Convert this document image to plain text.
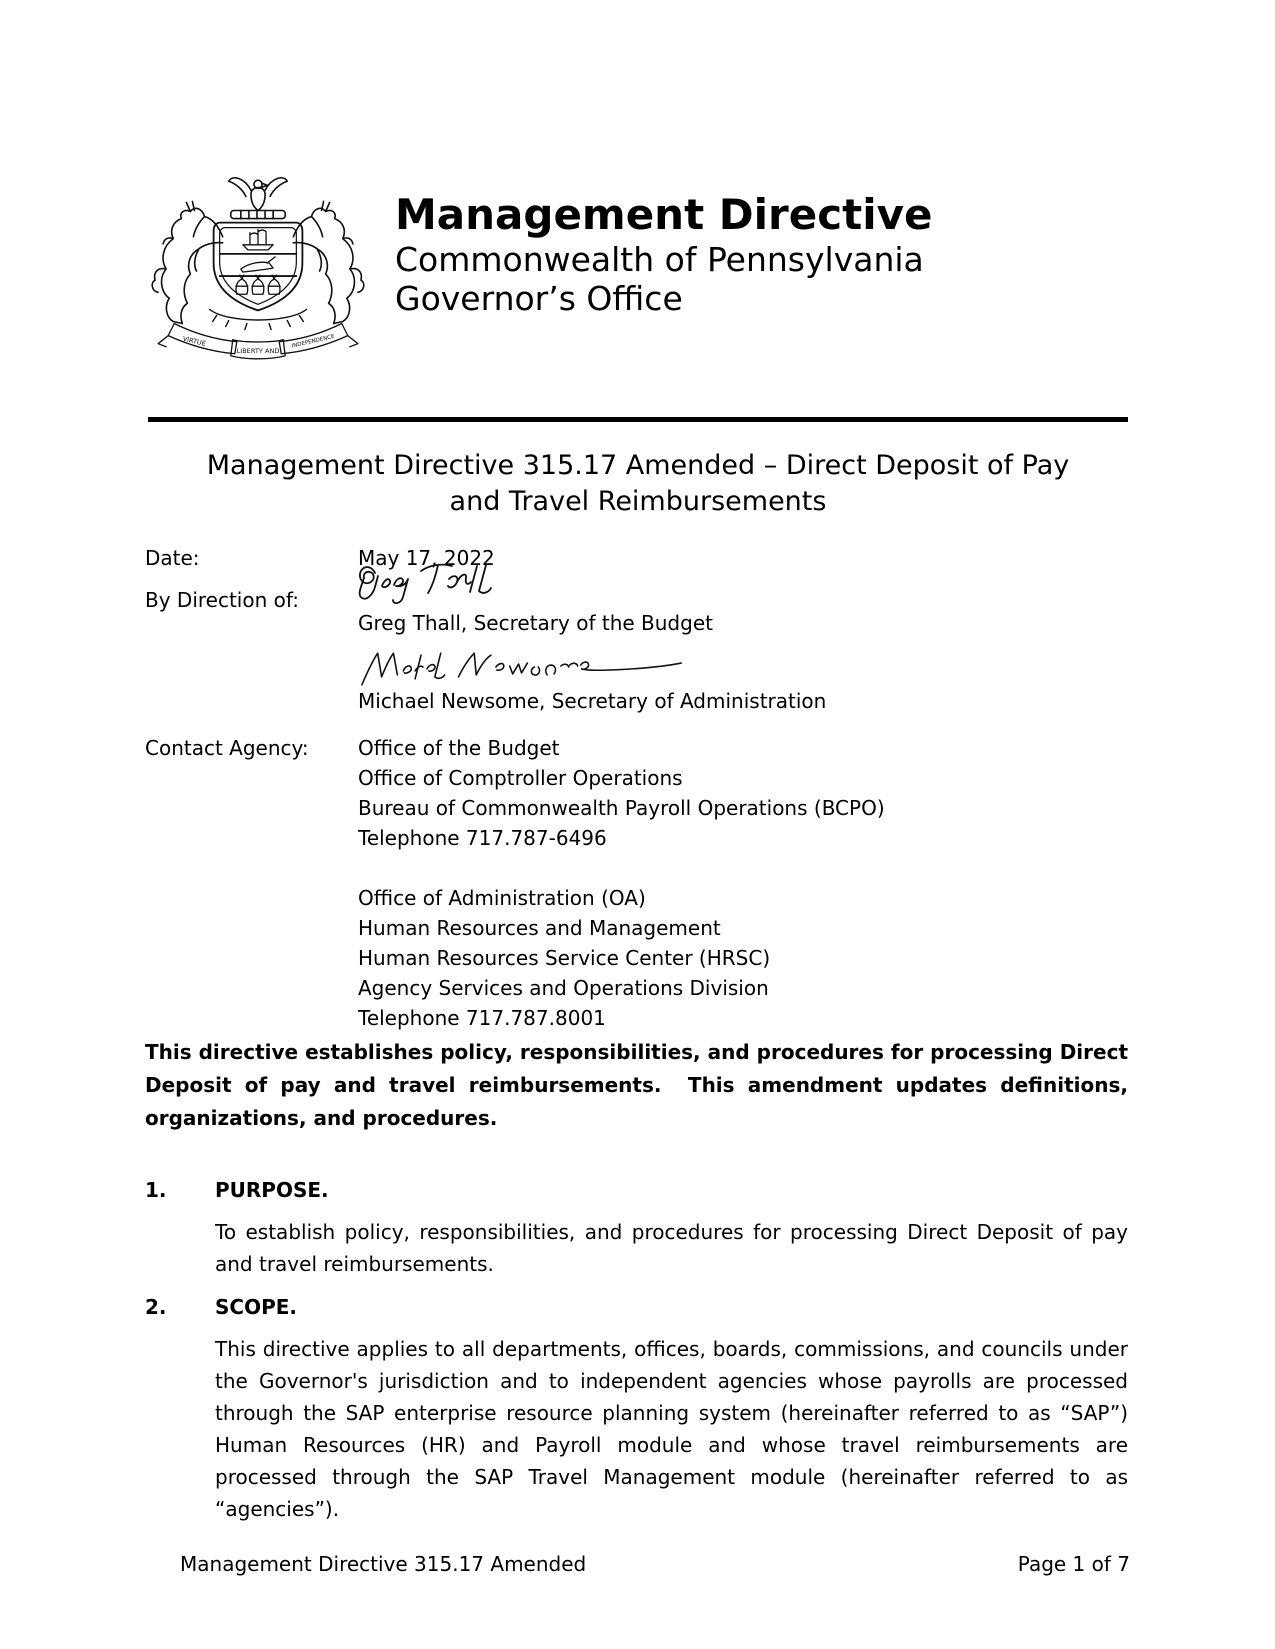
VIRTUE
LIBERTY AND
INDEPENDENCE
Management Directive
Commonwealth of Pennsylvania
Governor’s Office
Management Directive 315.17 Amended – Direct Deposit of Pay
and Travel Reimbursements
Date:	May 17, 2022
By Direction of:
Greg Thall, Secretary of the Budget
Michael Newsome, Secretary of Administration
Contact Agency: Office of the Budget
Office of Comptroller Operations
Bureau of Commonwealth Payroll Operations (BCPO)
Telephone 717.787-6496
Office of Administration (OA)
Human Resources and Management
Human Resources Service Center (HRSC)
Agency Services and Operations Division
Telephone 717.787.8001
This directive establishes policy, responsibilities, and procedures for processing Direct Deposit of pay and travel reimbursements.  This amendment updates definitions, organizations, and procedures.
1. PURPOSE.
To establish policy, responsibilities, and procedures for processing Direct Deposit of pay and travel reimbursements.
2. SCOPE.
This directive applies to all departments, offices, boards, commissions, and councils under the Governor's jurisdiction and to independent agencies whose payrolls are processed through the SAP enterprise resource planning system (hereinafter referred to as “SAP”) Human Resources (HR) and Payroll module and whose travel reimbursements are processed through the SAP Travel Management module (hereinafter referred to as “agencies”).
Management Directive 315.17 Amended	Page 1 of 7
